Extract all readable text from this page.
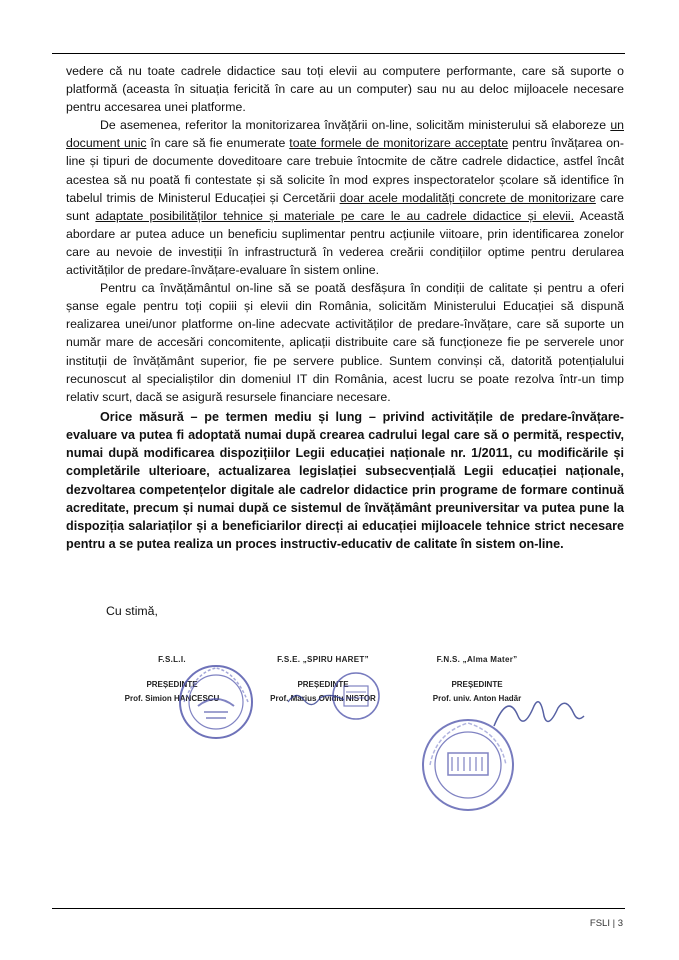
vedere că nu toate cadrele didactice sau toți elevii au computere performante, care să suporte o platformă (aceasta în situația fericită în care au un computer) sau nu au deloc mijloacele necesare pentru accesarea unei platforme.

De asemenea, referitor la monitorizarea învățării on-line, solicităm ministerului să elaboreze un document unic în care să fie enumerate toate formele de monitorizare acceptate pentru învățarea on-line și tipuri de documente doveditoare care trebuie întocmite de către cadrele didactice, astfel încât acestea să nu poată fi contestate și să solicite în mod expres inspectoratelor școlare să identifice în tabelul trimis de Ministerul Educației și Cercetării doar acele modalități concrete de monitorizare care sunt adaptate posibilităților tehnice și materiale pe care le au cadrele didactice și elevii. Această abordare ar putea aduce un beneficiu suplimentar pentru acțiunile viitoare, prin identificarea zonelor care au nevoie de investiții în infrastructură în vederea creării condițiilor optime pentru derularea activităților de predare-învățare-evaluare în sistem online.

Pentru ca învățământul on-line să se poată desfășura în condiții de calitate și pentru a oferi șanse egale pentru toți copiii și elevii din România, solicităm Ministerului Educației să dispună realizarea unei/unor platforme on-line adecvate activităților de predare-învățare, care să suporte un număr mare de accesări concomitente, aplicații distribuite care să funcționeze fie pe serverele unor instituții de învățământ superior, fie pe servere publice. Suntem convinși că, datorită potențialului recunoscut al specialiștilor din domeniul IT din România, acest lucru se poate rezolva într-un timp relativ scurt, dacă se asigură resursele financiare necesare.

Orice măsură – pe termen mediu și lung – privind activitățile de predare-învățare-evaluare va putea fi adoptată numai după crearea cadrului legal care să o permită, respectiv, numai după modificarea dispozițiilor Legii educației naționale nr. 1/2011, cu modificările și completările ulterioare, actualizarea legislației subsecvențială Legii educației naționale, dezvoltarea competențelor digitale ale cadrelor didactice prin programe de formare continuă acreditate, precum și numai după ce sistemul de învățământ preuniversitar va putea pune la dispoziția salariaților și a beneficiarilor direcți ai educației mijloacele tehnice strict necesare pentru a se putea realiza un proces instructiv-educativ de calitate în sistem on-line.

Cu stimă,
F.S.L.I.
PREȘEDINTE
Prof. Simion HANCESCU
F.S.E. „SPIRU HARET”
PREȘEDINTE
Prof. Marius Ovidiu NISTOR
F.N.S. „Alma Mater”
PREȘEDINTE
Prof. univ. Anton Hadăr
FSLI | 3
